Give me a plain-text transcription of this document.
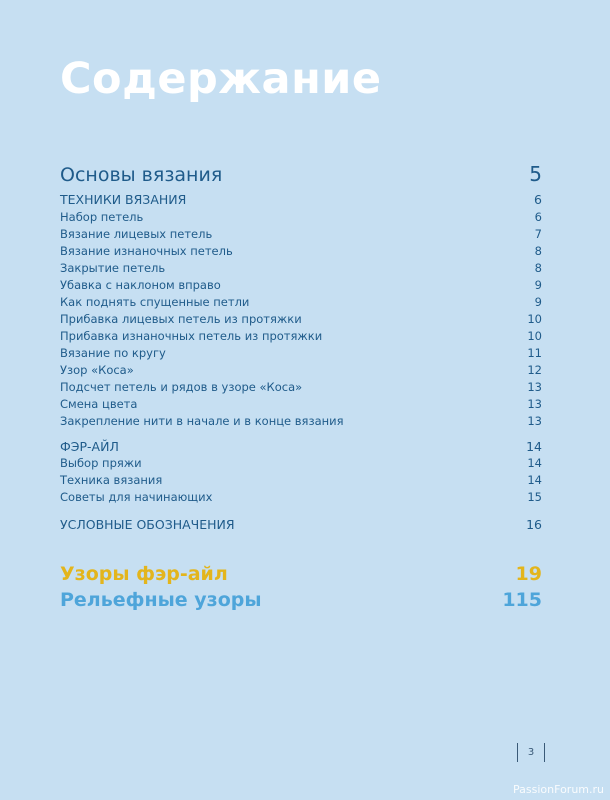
Содержание
Основы вязания	5
ТЕХНИКИ ВЯЗАНИЯ	6
Набор петель	6
Вязание лицевых петель	7
Вязание изнаночных петель	8
Закрытие петель	8
Убавка с наклоном вправо	9
Как поднять спущенные петли	9
Прибавка лицевых петель из протяжки	10
Прибавка изнаночных петель из протяжки	10
Вязание по кругу	11
Узор «Коса»	12
Подсчет петель и рядов в узоре «Коса»	13
Смена цвета	13
Закрепление нити в начале и в конце вязания	13
ФЭР-АЙЛ	14
Выбор пряжи	14
Техника вязания	14
Советы для начинающих	15
УСЛОВНЫЕ ОБОЗНАЧЕНИЯ	16
Узоры фэр-айл	19
Рельефные узоры	115
3
PassionForum.ru
